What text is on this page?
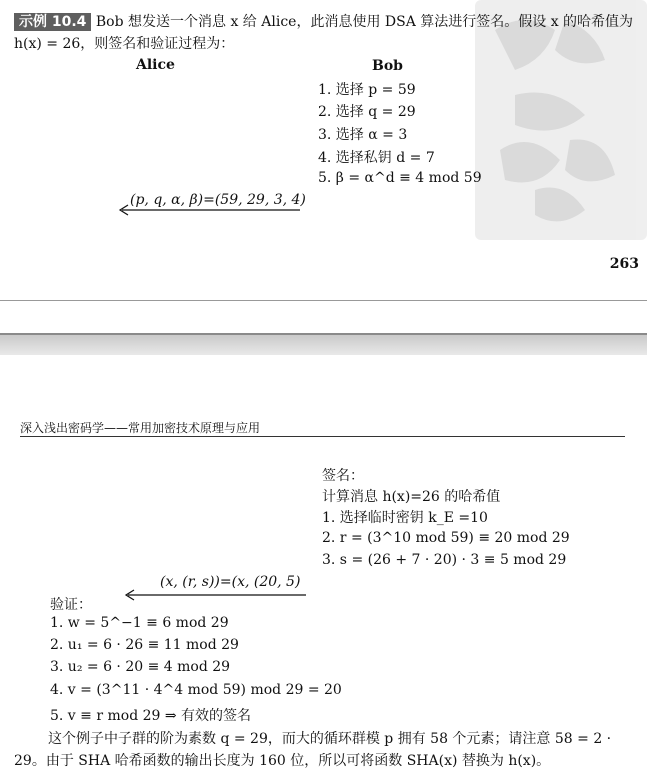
示例 10.4 Bob 想发送一个消息 x 给 Alice，此消息使用 DSA 算法进行签名。假设 x 的哈希值为 h(x) = 26，则签名和验证过程为：
Alice	Bob
1. 选择 p = 59
2. 选择 q = 29
3. 选择 α = 3
4. 选择私钥 d = 7
5. β = α^d ≡ 4 mod 59
(p, q, α, β)=(59, 29, 3, 4)
263
深入浅出密码学——常用加密技术原理与应用
签名：
计算消息 h(x)=26 的哈希值
1. 选择临时密钥 k_E =10
2. r = (3^10 mod 59) ≡ 20 mod 29
3. s = (26 + 7 · 20) · 3 ≡ 5 mod 29
(x, (r, s))=(x, (20, 5)
验证：
1. w = 5^−1 ≡ 6 mod 29
2. u₁ = 6 · 26 ≡ 11 mod 29
3. u₂ = 6 · 20 ≡ 4 mod 29
4. v = (3^11 · 4^4 mod 59) mod 29 = 20
5. v ≡ r mod 29 ⇒ 有效的签名
这个例子中子群的阶为素数 q = 29，而大的循环群模 p 拥有 58 个元素；请注意 58 = 2 · 29。由于 SHA 哈希函数的输出长度为 160 位，所以可将函数 SHA(x) 替换为 h(x)。
